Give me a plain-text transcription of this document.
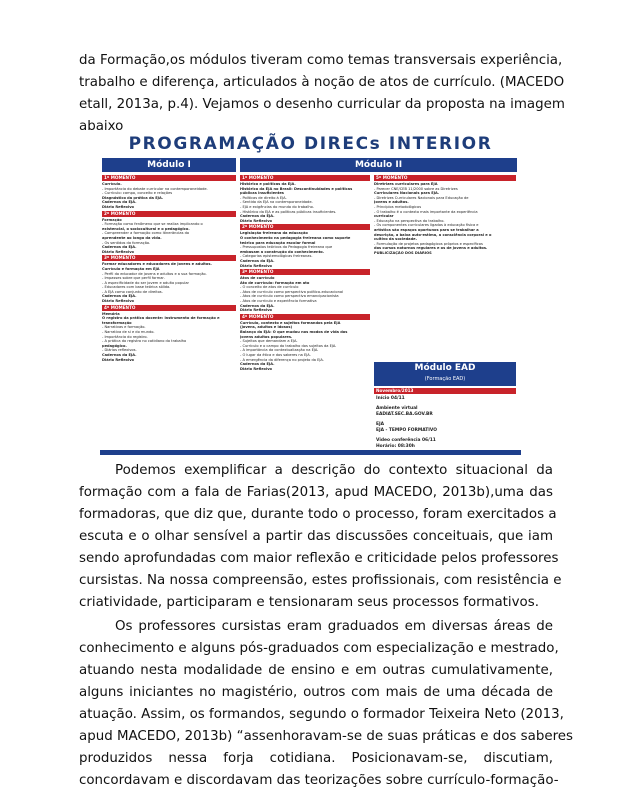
da Formação,os módulos tiveram como temas transversais experiência,
trabalho e diferença, articulados à noção de atos de currículo. (MACEDO
etall, 2013a, p.4). Vejamos o desenho curricular da proposta na imagem
abaixo
PROGRAMAÇÃO DIRECs INTERIOR
Módulo I	Módulo II
1º MOMENTO
Currículo.
- Importância do debate curricular na contemporaneidade.
- Currículo: campo, conceito e relações
Diagnóstico da prática da EJA.
Cadernos da EJA.
Diário Reflexivo
2º MOMENTO
Formação
- Formação como fenômeno que se realiza implicando o
existencial, o sociocultural e o pedagógico.
- Compreender a formação como itinerâncias do
aprendente ao longo da vida.
- Os sentidos da formação.
Cadernos da EJA.
Diário Reflexivo
3º MOMENTO
Formar educadores e educadores de jovens e adultos.
Currículo e formação em EJA
- Perfil do educador de jovens e adultos e a sua formação.
- Impasses sobre que perfil formar.
- A especificidade do ser jovem e adulto popular
- Educadores com base teórica sólida.
- A EJA como conjunto de direitos.
Cadernos da EJA.
Diário Reflexivo
4º MOMENTO
Memória
O registro da prática docente: instrumento de formação e
transformação
- Narrativas e formação.
- Narrativa de si e do mundo.
- Importância do registro.
- A prática do registro no cotidiano do trabalho
pedagógico.
- Diários reflexivos.
Cadernos da EJA.
Diário Reflexivo
1º MOMENTO
Histórico e políticas da EJA.
Histórico da EJA no Brasil: Descontinuidades e políticas
públicas insuficientes
- Políticas de direito à EJA.
- Sentido da EJA na contemporaneidade.
- EJA e exigências do mundo do trabalho.
- Histórico da EJA e as políticas públicas insuficientes.
Cadernos da EJA.
Diário Reflexivo
2º MOMENTO
Legislação freireana da educação
O conhecimento na pedagogia freireana como suporte
teórico para educação escolar formal
- Pressupostos teóricos da Pedagogia freireana que
embasam a construção do conhecimento.
- Categorias epistemológicas freireanas.
Cadernos da EJA.
Diário Reflexivo
3º MOMENTO
Atos de currículo
Ato de currículo: formação em ato
- O conceito de atos de currículo
- Atos de currículo como perspectiva político-educacional
- Atos de currículo como perspectiva emancipacionista
- Atos de currículo e experiência formativa
Cadernos da EJA.
Diário Reflexivo
4º MOMENTO
Currículo, contexto e sujeitos formandos pela EJA
(jovens, adultos e idosos)
Balanço da EJA: O que mudou nos modos de vida dos
jovens adultos populares.
- Sujeitos que demandam a EJA.
- Currículo e o campo do trabalho dos sujeitos da EJA.
- A importância da contextualização na EJA.
- O lugar da ética e dos saberes na EJA.
- A emergência da diferença no projeto da EJA.
Cadernos da EJA.
Diário Reflexivo
5º MOMENTO
Diretrizes curriculares para EJA
- Parecer CNE/CEB 11/2000 sobre as Diretrizes
Curriculares Nacionais para EJA.
- Diretrizes Curriculares Nacionais para Educação de
Jovens e adultos.
- Princípios metodológicos
- O trabalho é o contexto mais importante da experiência
curricular
- Educação na perspectiva do trabalho.
- Os componentes curriculares ligados à educação física e
artística são espaços oportunos para se trabalhar a
descrição, a baixa auto-estima, a consciência corporal e o
cultivo da sociedade.
- Formulação de projetos pedagógicos próprios e específicos
dos cursos noturnos regulares e os de jovens e adultos.
PUBLICIZAÇÃO DOS DIÁRIOS
Módulo EAD
(Formação EAD)
Novembro/2013
Início 04/11
Ambiente virtual
EADIAT.SEC.BA.GOV.BR
EJA
EJA - TEMPO FORMATIVO
Video conferência 06/11
Horário: 08:30h
Podemos exemplificar a descrição do contexto situacional da
formação com a fala de Farias(2013, apud MACEDO, 2013b),uma das
formadoras, que diz que, durante todo o processo, foram exercitados a
escuta e o olhar sensível a partir das discussões conceituais, que iam
sendo aprofundadas com maior reflexão e criticidade pelos professores
cursistas. Na nossa compreensão, estes profissionais, com resistência e
criatividade, participaram e tensionaram seus processos formativos.
Os professores cursistas eram graduados em diversas áreas de
conhecimento e alguns pós-graduados com especialização e mestrado,
atuando nesta modalidade de ensino e em outras cumulativamente,
alguns iniciantes no magistério, outros com mais de uma década de
atuação. Assim, os formandos, segundo o formador Teixeira Neto (2013,
apud MACEDO, 2013b) “assenhoravam-se de suas práticas e dos saberes
produzidos nessa forja cotidiana. Posicionavam-se, discutiam,
concordavam e discordavam das teorizações sobre currículo-formação-
